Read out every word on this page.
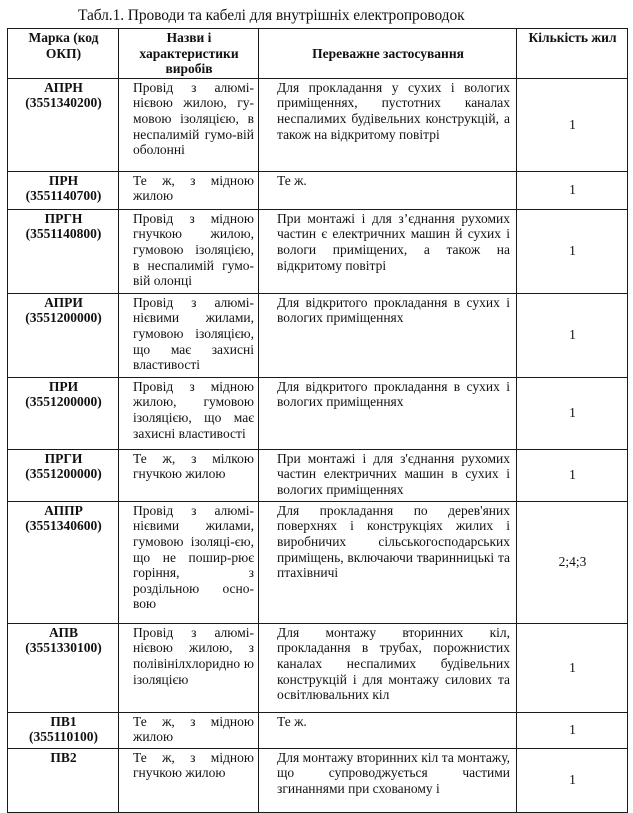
Табл.1. Проводи та кабелі для внутрішніх електропроводок
Марка (код ОКП)	Назви і характеристики виробів	Переважне застосування	Кількість жил

АПРН
(3551340200)	Провід з алюмі-нієвою жилою, гу-мовою ізоляцією, в неспалимій гумо-вій оболонні	Для прокладання у сухих і вологих приміщеннях, пустотних каналах неспалимих будівельних конструкцій, а також на відкритому повітрі	1

ПРН
(3551140700)	Те ж, з мідною жилою	Те ж.	1

ПРГН
(3551140800)	Провід з мідною гнучкою жилою, гумовою ізоляцією, в неспалимій гумо-вій олонці	При монтажі і для з’єднання рухомих частин є електричних машин й сухих і вологи приміщених, а також на відкритому повітрі	1

АПРИ
(3551200000)	Провід з алюмі-нієвими жилами, гумовою ізоляцією, що має захисні властивості	Для відкритого прокладання в сухих і вологих приміщеннях	1

ПРИ
(3551200000)	Провід з мідною жилою, гумовою ізоляцією, що має захисні властивості	Для відкритого прокладання в сухих і вологих приміщеннях	1

ПРГИ
(3551200000)	Те ж, з мілкою гнучкою жилою	При монтажі і для з'єднання рухомих частин електричних машин в сухих і вологих приміщеннях	1

АППР
(3551340600)	Провід з алюмі-нієвими жилами, гумовою ізоляці-єю, що не пошир-рює горіння, з роздільною осно-вою	Для прокладання по дерев'яних поверхнях і конструкціях жилих і виробничих сільськогосподарських приміщень, включаючи тваринницькі та птахівничі	2;4;3

АПВ
(3551330100)	Провід з алюмі-нієвою жилою, з полівінілхлоридно ю ізоляцією	Для монтажу вторинних кіл, прокладання в трубах, порожнистих каналах неспалимих будівельних конструкцій і для монтажу силових та освітлювальних кіл	1

ПВ1
(355110100)	Те ж, з мідною жилою	Те ж.	1

ПВ2	Те ж, з мідною гнучкою жилою	Для монтажу вторинних кіл та монтажу, що супроводжується частими згинаннями при схованому і	1
